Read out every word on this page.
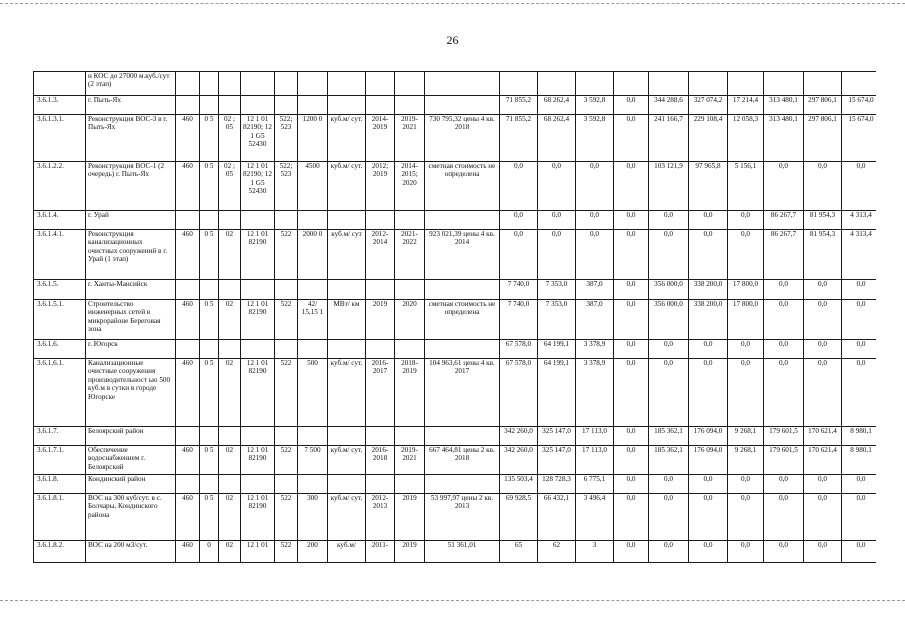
26
	н КОС до 27000 м.куб./сут (2 этап)																				
3.6.1.3.	г. Пыть-Ях											71 855,2	68 262,4	3 592,8	0,0	344 288,6	327 074,2	17 214,4	313 480,1	297 806,1	15 674,0
3.6.1.3.1.	Реконструкция ВОС-3 в г. Пыть-Ях	460	0 5	02 ; 05	12 1 01 82190; 12 1 G5 52430	522; 523	1200 0	куб.м/ сут.	2014-2019	2019-2021	730 795,32 цены 4 кв. 2018	71 855,2	68 262,4	3 592,8	0,0	241 166,7	229 108,4	12 058,3	313 480,1	297 806,1	15 674,0
3.6.1.2.2.	Реконструкция ВОС-1 (2 очередь) г. Пыть-Ях	460	0 5	02 ; 05	12 1 01 82190; 12 1 G5 52430	522; 523	4500	куб.м/ сут.	2012; 2019	2014-2015; 2020	сметная стоимость не определена	0,0	0,0	0,0	0,0	103 121,9	97 965,8	5 156,1	0,0	0,0	0,0
3.6.1.4.	г. Урай											0,0	0,0	0,0	0,0	0,0	0,0	0,0	86 267,7	81 954,3	4 313,4
3.6.1.4.1.	Реконструкция канализационных очистных сооружений в г. Урай (1 этап)	460	0 5	02	12 1 01 82190	522	2000 0	куб.м/ сут	2012-2014	2021-2022	923 021,39 цены 4 кв. 2014	0,0	0,0	0,0	0,0	0,0	0,0	0,0	86 267,7	81 954,3	4 313,4
3.6.1.5.	г. Ханты-Мансийск											7 740,0	7 353,0	387,0	0,0	356 000,0	338 200,0	17 800,0	0,0	0,0	0,0
3.6.1.5.1.	Строительство инженерных сетей в микрорайоне Береговая зона	460	0 5	02	12 1 01 82190	522	42/ 15,15 1	МВт/ км	2019	2020	сметная стоимость не определена	7 740,0	7 353,0	387,0	0,0	356 000,0	338 200,0	17 800,0	0,0	0,0	0,0
3.6.1.6.	г. Югорск											67 578,0	64 199,1	3 378,9	0,0	0,0	0,0	0,0	0,0	0,0	0,0
3.6.1.6.1.	Канализационные очистные сооружения производительност ью 500 куб.м в сутки в городе Югорске	460	0 5	02	12 1 01 82190	522	500	куб.м/ сут.	2016-2017	2018-2019	104 963,61 цены 4 кв. 2017	67 578,0	64 199,1	3 378,9	0,0	0,0	0,0	0,0	0,0	0,0	0,0
3.6.1.7.	Белоярский район											342 260,0	325 147,0	17 113,0	0,0	185 362,1	176 094,0	9 268,1	179 601,5	170 621,4	8 980,1
3.6.1.7.1.	Обеспечение водоснабжением г. Белоярский	460	0 5	02	12 1 01 82190	522	7 500	куб.м/ сут.	2016-2018	2019-2021	667 464,81 цены 2 кв. 2018	342 260,0	325 147,0	17 113,0	0,0	185 362,1	176 094,0	9 268,1	179 601,5	170 621,4	8 980,1
3.6.1.8.	Кондинский район											135 503,4	128 728,3	6 775,1	0,0	0,0	0,0	0,0	0,0	0,0	0,0
3.6.1.8.1.	ВОС на 300 куб/сут. в с. Болчары, Кондинского района	460	0 5	02	12 1 01 82190	522	300	куб.м/ сут.	2012-2013	2019	53 997,97 цены 2 кв. 2013	69 928,5	66 432,1	3 496,4	0,0	0,0	0,0	0,0	0,0	0,0	0,0
3.6.1.8.2.	ВОС на 200 м3/сут.	460	0	02	12 1 01	522	200	куб.м/	2011-	2019	51 361,01	65	62	3	0,0	0,0	0,0	0,0	0,0	0,0	0,0
